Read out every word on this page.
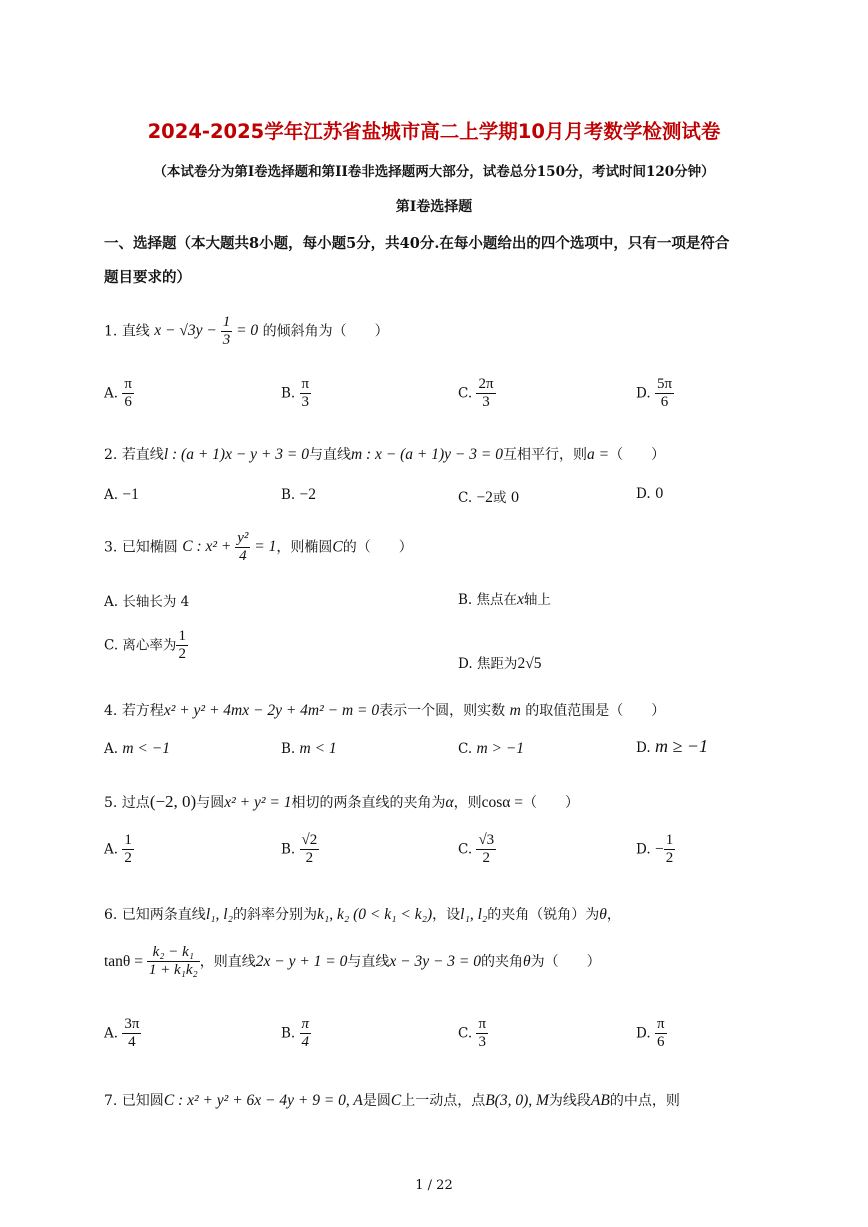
2024-2025学年江苏省盐城市高二上学期10月月考数学检测试卷
（本试卷分为第I卷选择题和第II卷非选择题两大部分，试卷总分150分，考试时间120分钟）
第I卷选择题
一、选择题（本大题共8小题，每小题5分，共40分.在每小题给出的四个选项中，只有一项是符合
题目要求的）
1. 直线 $x - √3y - \frac{1}{3} = 0$ 的倾斜角为（　　）
A. $\frac{\pi}{6}$	B. $\frac{\pi}{3}$	C. $\frac{2\pi}{3}$	D. $\frac{5\pi}{6}$
2. 若直线l : (a + 1)x − y + 3 = 0与直线m : x − (a + 1)y − 3 = 0互相平行，则a =（　　）
A. −1	B. −2	C. −2或 0	D. 0
3. 已知椭圆 C : $x^2 + \frac{\text{y²}}{4} = 1$，则椭圆C的（　　）
A. 长轴长为 4	B. 焦点在x轴上
C. 离心率为 $\frac{1}{2}$
D. 焦距为2√5
4. 若方程x² + y² + 4mx − 2y + 4m² − m = 0表示一个圆，则实数 m 的取值范围是（　　）
A. m < −1	B. m < 1	C. m > −1	D. m ≥ −1
5. 过点(−2, 0)与圆x² + y² = 1相切的两条直线的夹角为α，则cosα =（　　）
A. $\frac{1}{2}$	B. $\frac{√2}{2}$	C. $\frac{√3}{2}$	D. − $\frac{1}{2}$
6. 已知两条直线l₁, l₂的斜率分别为k₁, k₂ (0 < k₁ < k₂)，设l₁, l₂的夹角（锐角）为θ，
$\tan\theta = \frac{\text{k₂ − k₁}}{\text{1 + k₁k₂}}$ ，则直线2x − y + 1 = 0与直线x − 3y − 3 = 0的夹角θ为（　　）
A. $\frac{3\pi}{4}$	B. $\frac{\pi}{4}$	C. $\frac{\pi}{3}$	D. $\frac{\pi}{6}$
7. 已知圆C : x² + y² + 6x − 4y + 9 = 0, A是圆C上一动点，点B(3, 0), M为线段AB的中点，则
1 / 22
